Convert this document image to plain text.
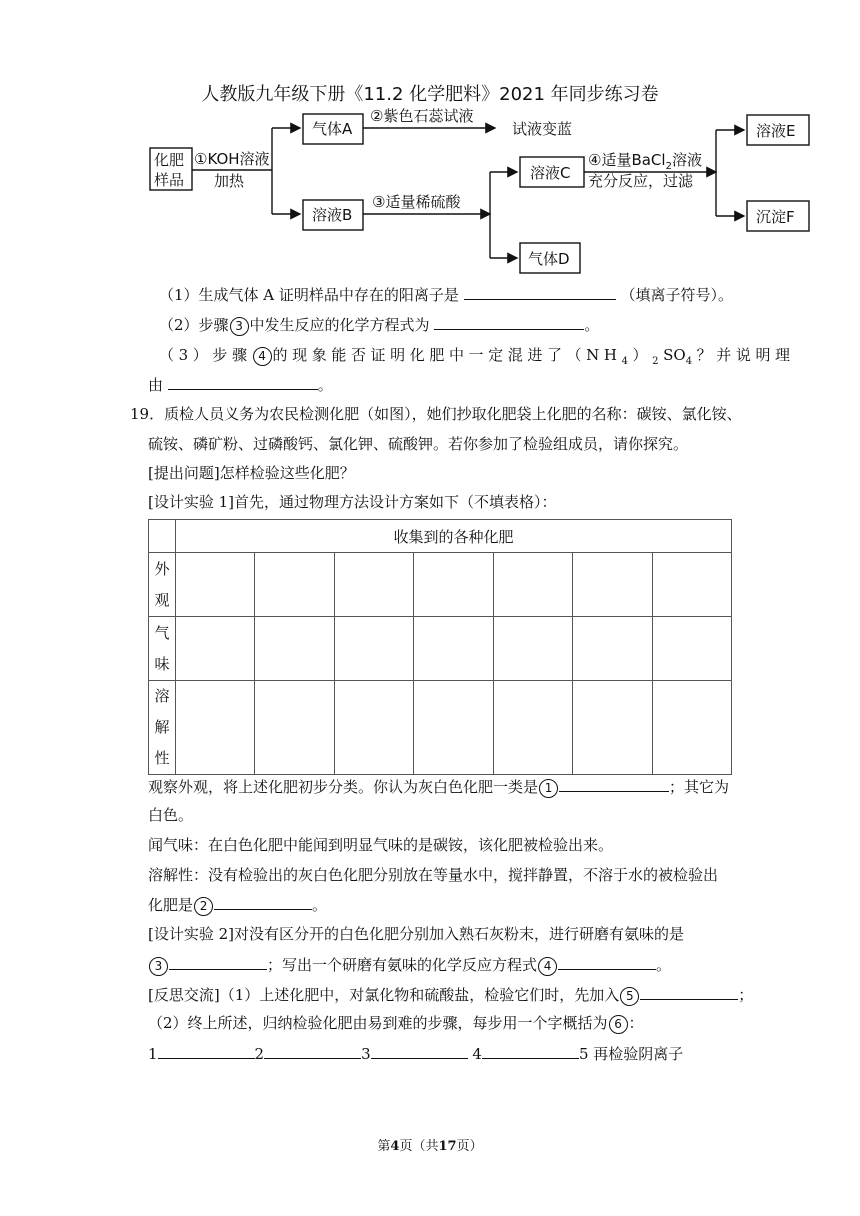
人教版九年级下册《11.2 化学肥料》2021 年同步练习卷
化肥
样品
①KOH溶液
加热
气体A
②紫色石蕊试液
试液变蓝
溶液B
③适量稀硫酸
溶液C
气体D
④适量BaCl$_2$溶液
充分反应，过滤
溶液E
沉淀F
（1）生成气体 A 证明样品中存在的阳离子是	（填离子符号）。
（2）步骤 3 中发生反应的化学方程式为	。
（3）步骤 4 的现象能否证明化肥中一定混进了$(NH_4)_2SO_4$？并说明理
由	。
19．质检人员义务为农民检测化肥（如图），她们抄取化肥袋上化肥的名称：碳铵、氯化铵、
硫铵、磷矿粉、过磷酸钙、氯化钾、硫酸钾。若你参加了检验组成员，请你探究。
[提出问题]怎样检验这些化肥？
[设计实验 1]首先，通过物理方法设计方案如下（不填表格）：
	收集到的各种化肥						
外
观							
气
味							
溶
解
性							
观察外观，将上述化肥初步分类。你认为灰白色化肥一类是 1	；其它为
白色。
闻气味：在白色化肥中能闻到明显气味的是碳铵，该化肥被检验出来。
溶解性：没有检验出的灰白色化肥分别放在等量水中，搅拌静置，不溶于水的被检验出
化肥是 2	。
[设计实验 2]对没有区分开的白色化肥分别加入熟石灰粉末，进行研磨有氨味的是
3	；写出一个研磨有氨味的化学反应方程式 4	。
[反思交流]（1）上述化肥中，对氯化物和硫酸盐，检验它们时，先加入 5	；
（2）终上所述，归纳检验化肥由易到难的步骤，每步用一个字概括为 6 ：
1	2	3	4	5 再检验阴离子
第4页（共17页）
